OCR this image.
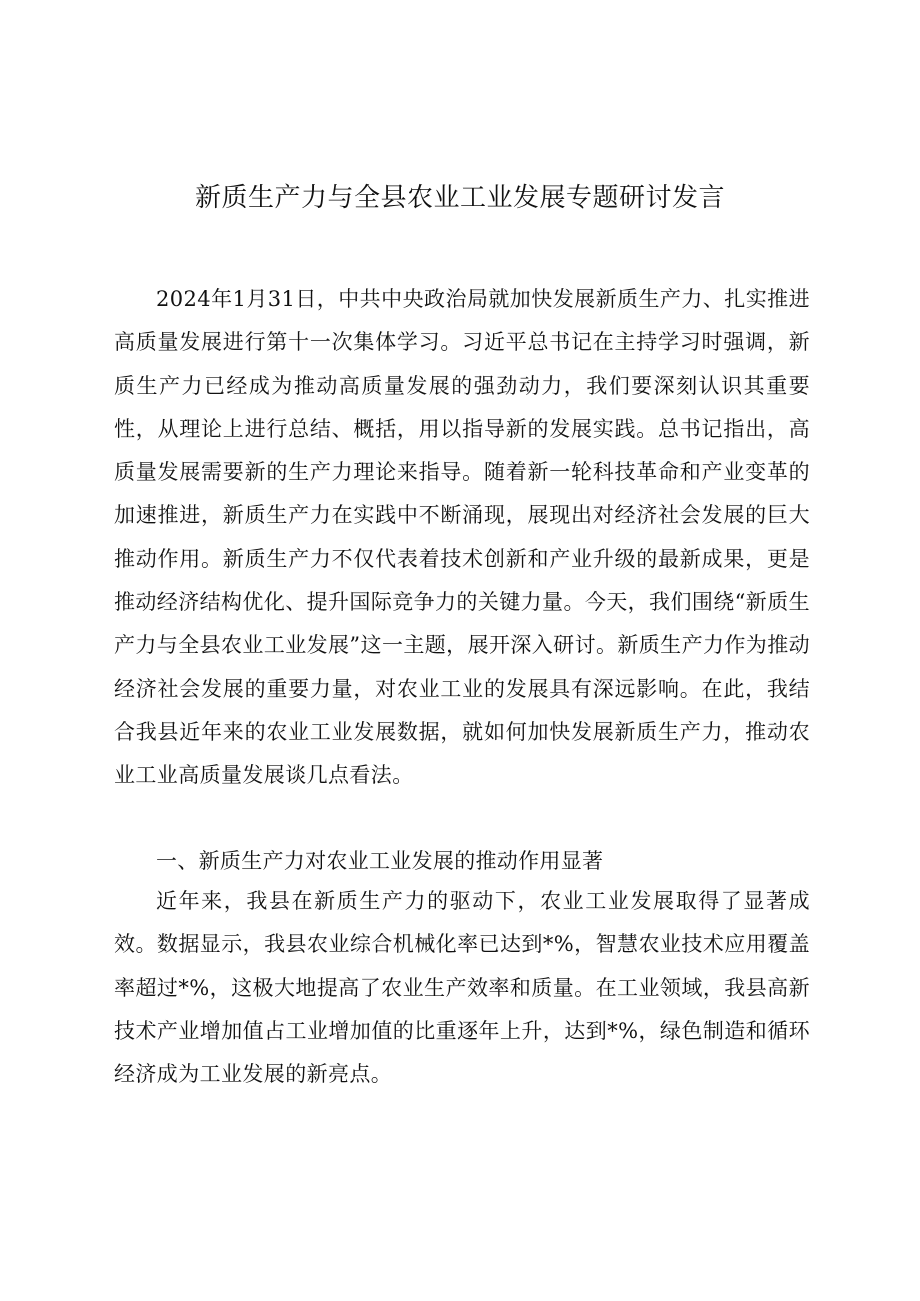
新质生产力与全县农业工业发展专题研讨发言

2024年1月31日，中共中央政治局就加快发展新质生产力、扎实推进高质量发展进行第十一次集体学习。习近平总书记在主持学习时强调，新质生产力已经成为推动高质量发展的强劲动力，我们要深刻认识其重要性，从理论上进行总结、概括，用以指导新的发展实践。总书记指出，高质量发展需要新的生产力理论来指导。随着新一轮科技革命和产业变革的加速推进，新质生产力在实践中不断涌现，展现出对经济社会发展的巨大推动作用。新质生产力不仅代表着技术创新和产业升级的最新成果，更是推动经济结构优化、提升国际竞争力的关键力量。今天，我们围绕“新质生产力与全县农业工业发展”这一主题，展开深入研讨。新质生产力作为推动经济社会发展的重要力量，对农业工业的发展具有深远影响。在此，我结合我县近年来的农业工业发展数据，就如何加快发展新质生产力，推动农业工业高质量发展谈几点看法。

一、新质生产力对农业工业发展的推动作用显著

近年来，我县在新质生产力的驱动下，农业工业发展取得了显著成效。数据显示，我县农业综合机械化率已达到*%，智慧农业技术应用覆盖率超过*%，这极大地提高了农业生产效率和质量。在工业领域，我县高新技术产业增加值占工业增加值的比重逐年上升，达到*%，绿色制造和循环经济成为工业发展的新亮点。
